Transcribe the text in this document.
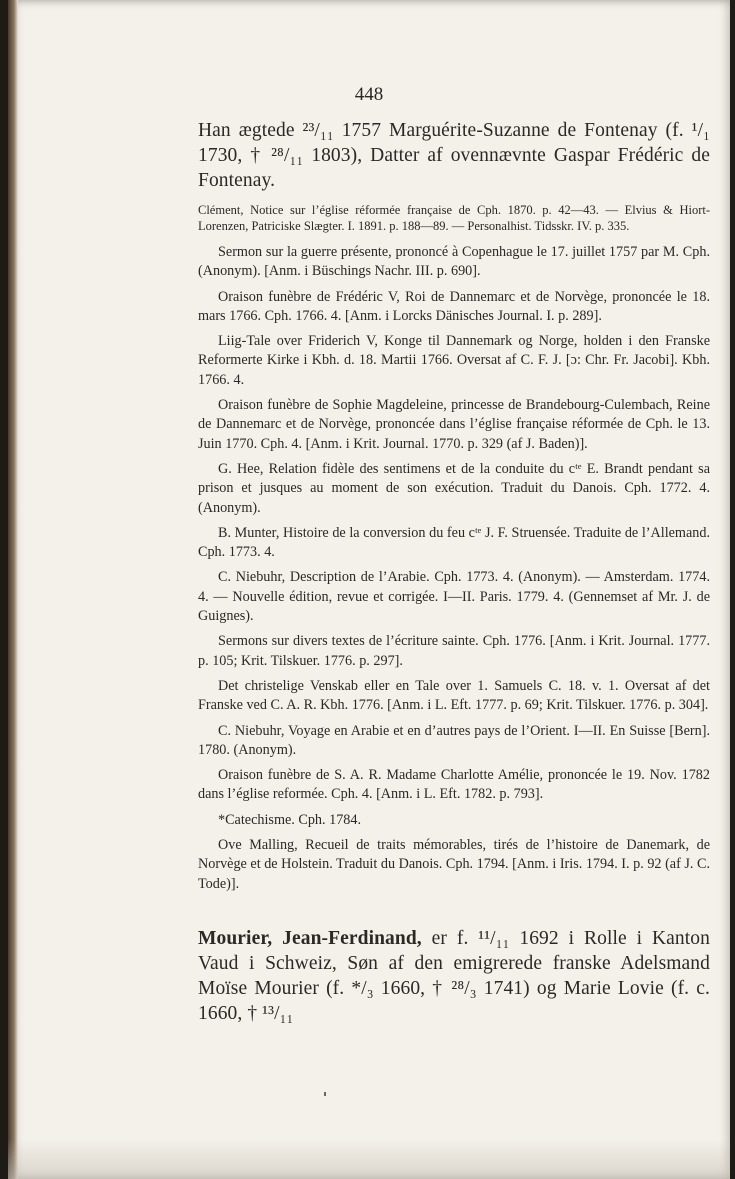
448

Han ægtede ²³/₁₁ 1757 Marguérite-Suzanne de Fontenay (f. ¹/₁ 1730, † ²⁸/₁₁ 1803), Datter af ovennævnte Gaspar Frédéric de Fontenay.

Clément, Notice sur l’église réformée française de Cph. 1870. p. 42—43. — Elvius & Hiort-Lorenzen, Patriciske Slægter. I. 1891. p. 188—89. — Personalhist. Tidsskr. IV. p. 335.

Sermon sur la guerre présente, prononcé à Copenhague le 17. juillet 1757 par M. Cph. (Anonym). [Anm. i Büschings Nachr. III. p. 690].

Oraison funèbre de Frédéric V, Roi de Dannemarc et de Norvège, prononcée le 18. mars 1766. Cph. 1766. 4. [Anm. i Lorcks Dänisches Journal. I. p. 289].

Liig-Tale over Friderich V, Konge til Dannemark og Norge, holden i den Franske Reformerte Kirke i Kbh. d. 18. Martii 1766. Oversat af C. F. J. [ɔ: Chr. Fr. Jacobi]. Kbh. 1766. 4.

Oraison funèbre de Sophie Magdeleine, princesse de Brandebourg-Culembach, Reine de Dannemarc et de Norvège, prononcée dans l’église française réformée de Cph. le 13. Juin 1770. Cph. 4. [Anm. i Krit. Journal. 1770. p. 329 (af J. Baden)].

G. Hee, Relation fidèle des sentimens et de la conduite du cᵗᵉ E. Brandt pendant sa prison et jusques au moment de son exécution. Traduit du Danois. Cph. 1772. 4. (Anonym).

B. Munter, Histoire de la conversion du feu cᵗᵉ J. F. Struensée. Traduite de l’Allemand. Cph. 1773. 4.

C. Niebuhr, Description de l’Arabie. Cph. 1773. 4. (Anonym). — Amsterdam. 1774. 4. — Nouvelle édition, revue et corrigée. I—II. Paris. 1779. 4. (Gennemset af Mr. J. de Guignes).

Sermons sur divers textes de l’écriture sainte. Cph. 1776. [Anm. i Krit. Journal. 1777. p. 105; Krit. Tilskuer. 1776. p. 297].

Det christelige Venskab eller en Tale over 1. Samuels C. 18. v. 1. Oversat af det Franske ved C. A. R. Kbh. 1776. [Anm. i L. Eft. 1777. p. 69; Krit. Tilskuer. 1776. p. 304].

C. Niebuhr, Voyage en Arabie et en d’autres pays de l’Orient. I—II. En Suisse [Bern]. 1780. (Anonym).

Oraison funèbre de S. A. R. Madame Charlotte Amélie, prononcée le 19. Nov. 1782 dans l’église reformée. Cph. 4. [Anm. i L. Eft. 1782. p. 793].

*Catechisme. Cph. 1784.

Ove Malling, Recueil de traits mémorables, tirés de l’histoire de Danemark, de Norvège et de Holstein. Traduit du Danois. Cph. 1794. [Anm. i Iris. 1794. I. p. 92 (af J. C. Tode)].

Mourier, Jean-Ferdinand, er f. ¹¹/₁₁ 1692 i Rolle i Kanton Vaud i Schweiz, Søn af den emigrerede franske Adelsmand Moïse Mourier (f. */₃ 1660, † ²⁸/₃ 1741) og Marie Lovie (f. c. 1660, † ¹³/₁₁
